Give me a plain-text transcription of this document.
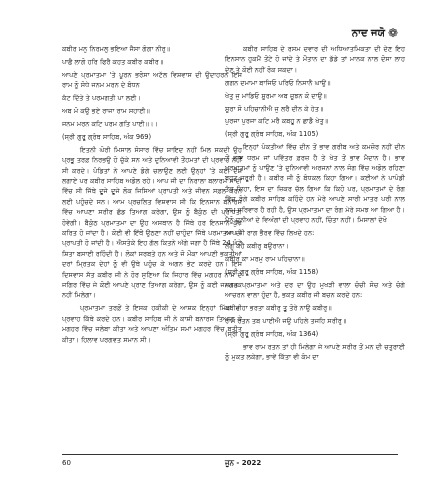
ਨਾਦ ਜਯੋ ❁

ਕਬੀਰ ਮਨੁ ਨਿਰਮਲੁ ਭਇਆ ਜੈਸਾ ਗੰਗਾ ਨੀਰੁ॥

ਪਾਛੈ ਲਾਗੋ ਹਰਿ ਫਿਰੈ ਕਹਤ ਕਬੀਰ ਕਬੀਰ॥

ਆਪਣੇ ਪ੍ਰਮਾਤਮਾ 'ਤੇ ਪੂਰਨ ਭਰੋਸਾ ਅਟੱਲ ਵਿਸ਼ਵਾਸ ਦੀ ਉਦਾਹਰਨ ਇਸ ਰਾਮ ਨੂੰ ਸੋਧੇ ਜਨਮ ਮਰਨ ਦੇ ਬੰਧਨ

ਕੱਟ ਦਿੱਤੇ ਤੇ ਪਰਮਗਤੀ ਪਾ ਲਈ।

ਅਬ ਮੋ ਕਉ ਭਏ ਰਾਜਾ ਰਾਮ ਸਹਾਈ॥

ਜਨਮ ਮਰਨ ਕਟਿ ਪਰਮ ਗਤਿ ਪਾਈ॥।।

(ਸ੍ਰੀ ਗੁਰੂ ਗ੍ਰੰਥ ਸਾਹਿਬ, ਅੰਕ 969)

ਇਤਨੀ ਘੋਰੀ ਮਿਸਾਲ ਸੰਸਾਰ ਵਿੱਚ ਸ਼ਾਇਦ ਨਹੀਂ ਮਿਲ ਸਕਦੀ ਉਹ ਪ੍ਰਭੂ ਤਰਫ਼ ਨਿਰਭਉ ਹੋ ਚੁੱਕੇ ਸਨ ਅਤੇ ਦੁਨਿਆਵੀ ਤੌਹਮਤਾਂ ਦੀ ਪ੍ਰਵਾਹ ਨਹੀਂ ਸੀ ਕਰਦੇ। ਪੰਡਿਤਾਂ ਨੇ ਆਪਣੇ ਡੰਗੇ ਚਲਾਉਣ ਲਈ ਉਨ੍ਹਾਂ 'ਤੇ ਕਈ ਦੋਸ਼ ਲਗਾਏ ਪਰ ਕਬੀਰ ਸਾਹਿਬ ਅਡੋਲ ਰਹੇ। ਆਪ ਜੀ ਦਾ ਨਿਰਾਲਾ ਬਲਾਰਮ ਸਾਦੀ ਵਿੱਚ ਸੀ ਜਿੱਥੇ ਦੂਜੇ ਦੂਜੇ ਲੋਕ ਜਿਸਿਆਂ ਪ੍ਰਾਪਤੀ ਅਤੇ ਜੀਵਨ ਸਫ਼ਲ ਕਰਨ ਲਈ ਪਹੁੰਚਦੇ ਸਨ। ਆਮ ਪ੍ਰਚਲਿਤ ਵਿਸ਼ਵਾਸ ਸੀ ਕਿ ਇਨਸਾਨ ਬਨਾਰਸ ਵਿੱਚ ਆਪਣਾ ਸਰੀਰ ਛੱਡ ਤਿਆਗ ਕਰੇਗਾ, ਉਸ ਨੂੰ ਬੈਕੁੰਠ ਦੀ ਪ੍ਰਾਪਤੀ ਹੋਵੇਗੀ। ਬੈਕੁੰਠ ਪ੍ਰਮਾਤਮਾ ਦਾ ਉਹ ਅਸਥਾਨ ਹੈ ਜਿੱਥੇ ਹਰ ਇਨਸਾਨ ਕੁੱਝ ਕਰਿਤ ਹੋ ਜਾਂਦਾ ਹੈ। ਕੋਈ ਵੀ ਇੱਥੋਂ ਉਠਣਾ ਨਹੀਂ ਚਾਹੁੰਦਾ ਜਿੱਥੇ ਪਰਮਾਤਮਾ ਦੀ ਪ੍ਰਾਪਤੀ ਹੋ ਜਾਂਦੀ ਹੈ। ਐਸਤੰਕੇ ਇਹ ਗੱਲ ਕਿਤਨੇ ਅੱਗੇ ਜਗਾ ਹੈ ਜਿੱਥੇ 24 ਘੰਟੇ ਸ਼ਿਤਾ ਬਸਾਈ ਰਹਿੰਦੀ ਹੈ। ਲੋਕਾਂ ਸਰਬਤੇ ਹਨ ਅਤੇ ਜੋ ਮੌਕਾ ਆਪਣੀ ਭਕਤੀਆਂ ਦਰਾਂ ਮ੍ਰਿਤਕ ਦੇਹਾਂ ਨੂੰ ਵੀ ਉਥੇ ਪਹੁੰਚ ਕੇ ਅਗਨ ਭੇਟ ਕਰਦੇ ਹਨ। ਇਸ ਦਿਸਵਾਸ ਸੱਤ ਕਬੀਰ ਜੀ ਨੇ ਹੋਰ ਸੁਣਿਆ ਕਿ ਜਿਹਾਰ ਵਿੱਚ ਮਗਹਰ ਨਾਮ ਦੇ ਜਗਿਰ ਵਿੱਚ ਜੇ ਕੋਈ ਆਪਣੇ ਪ੍ਰਾਣ ਤਿਆਗ ਕਰੇਗਾ, ਉਸ ਨੂੰ ਕਈ ਜਨਗਰਕ ਨਹੀਂ ਮਿਲੇਗਾ।

ਪ੍ਰਮਾਤਮਾ ਤਰਫ਼ੋਂ ਤੇ ਇਸਕ ਹਕੀਕੀ ਦੇ ਆਸ਼ਕ ਇਨ੍ਹਾਂ ਮਿੱਥਾਂ ਦੀ ਪ੍ਰਵਾਹ ਕਿੱਥੇ ਕਰਦੇ ਹਨ। ਕਬੀਰ ਸਾਹਿਬ ਜੀ ਨੇ ਕਾਸ਼ੀ ਬਨਾਰਸ ਤਿਆਗ ਕੇ ਮਗਹਰ ਵਿੱਚ ਜਲੇਬਾ ਕੀਤਾ ਅਤੇ ਆਪਣਾ ਅੰਤਿਮ ਸਮਾਂ ਮਗਹਰ ਵਿੱਚ ਬਤੀਤ ਕੀਤਾ। ਹਿਲਾਵ ਪਰਗਵਤ ਸਮਾਨ ਸੀ।

ਕਬੀਰ ਸਾਹਿਬ ਦੇ ਰਸਮ ਦਵਾਰ ਦੀ ਅਧਿਆਤਮਿਕਤਾ ਦੀ ਦੇਣ ਇਹ ਇਨਸਾਨ ਹੁਕਮੈਂ ਤੋਂਟੇ ਹੋ ਜਾਂਦੇ ਤੇ ਮੌਤਾਨ ਦਾ ਡੱਡੇ ਤਾਂ ਮਾਨਕ ਨਾਲ ਦੋਸਾ ਲਾਹ ਦੇਣ ਤੇ ਕੋਈ ਨਹੀਂ ਰੋਕ ਸਕਦਾ।

ਗਗਨ ਦਮਾਮਾ ਬਾਜਿਓ ਪਰਿਓ ਨਿਸਾਨੈ ਘਾਉ॥

ਖੇਤੁ ਜੁ ਮਾਂਡਿਓ ਸੂਰਮਾ ਅਬ ਜੂਝਨ ਕੋ ਦਾਉ॥

ਸੂਰਾ ਸੋ ਪਹਿਚਾਨੀਐ ਜੁ ਲਰੈ ਦੀਨ ਕੇ ਹੇਤ॥

ਪੁਰਜਾ ਪੁਰਜਾ ਕਟਿ ਮਰੈ ਕਬਹੂ ਨ ਛਾਡੈ ਖੇਤੁ॥

(ਸ੍ਰੀ ਗੁਰੂ ਗ੍ਰੰਥ ਸਾਹਿਬ, ਅੰਕ 1105)

ਇਨ੍ਹਾਂ ਪੰਕਤੀਆਂ ਵਿੱਚ ਦੀਨ ਤੋਂ ਭਾਵ ਗਰੀਬ ਅਤੇ ਕਮਜ਼ੋਰ ਨਹੀਂ ਦੀਨ ਤੋਂ ਭਾਵ ਧਰਮ ਜਾਂ ਪਵਿੱਤਰ ਫ਼ਰਜ਼ ਹੈ ਤੇ ਖੇਤ ਤੋਂ ਭਾਵ ਮੈਦਾਨ ਹੈ। ਭਾਵ ਪ੍ਰਮਾਤਮਾਂ ਨੂੰ ਪਾਉਣ 'ਤੇ ਦੁਨਿਆਵੀ ਅਰਜਨਾਂ ਨਾਲ ਜੰਗ ਵਿੱਚ ਅਡੋਲ ਰਹਿਣਾ ਬਹੁਤ ਜਰੂਰੀ ਹੈ। ਕਬੀਰ ਜੀ ਨੂੰ ਬੰਧਕਲ ਕਿਹਾ ਗਿਆ। ਕਈਆਂ ਨੇ ਪਾਪੰਡੀ ਤੱਕ ਕਿਹਾ, ਇਸ ਦਾ ਜ਼ਿਕਰ ਚੱਲ ਗਿਆ ਕਿ ਕਿਹੋ ਪਰ, ਪ੍ਰਮਾਤਮਾਂ ਦੇ ਰੰਗ ਵਿੱਚ ਰੰਗੇ ਕਬੀਰ ਸਾਹਿਬ ਕਹਿੰਦੇ ਹਨ ਮੇਰੇ ਆਪਣੇ ਸਾਰੀ ਮਾਤਰ ਪਰੀ ਨਾਲ ਨਾਮ ਪਰਿਵਾਰ ਹੈ ਰਹੀ ਹੈ, ਉਸ ਪ੍ਰਮਾਤਮਾ ਦਾ ਰੰਗ ਮੇਰੇ ਸਮਝ ਆ ਗਿਆ ਹੈ। ਮੈਨੂੰ ਦੁਨੀਆਂ ਦੇ ਵਿਅੰਗਾਂ ਦੀ ਪ੍ਰਵਾਹ ਨਹੀਂ, ਚਿੰਤਾ ਨਹੀਂ। ਮਿਸਾਲਾਂ ਦੇਖੋ

ਆਪ ਜੀ ਰਾਗ ਭੈਰਵ ਵਿੱਚ ਲਿਖਦੇ ਹਨ:

ਲੋਗੁ ਕਹੈ ਕਬੀਰੁ ਬਉਰਾਨਾ।

ਕਬੀਰ ਕਾ ਮਰਮੁ ਰਾਮ ਪਹਿਚਾਨਾ॥

(ਸ੍ਰੀ ਗੁਰੂ ਗ੍ਰੰਥ ਸਾਹਿਬ, ਅੰਕ 1158)

ਜਗਤ ਪ੍ਰਮਾਤਮਾ ਅਤੇ ਦਰ ਦਾ ਉਹ ਮੁਖੜੀ ਵਾਲਾ ਚੰਚੀ ਸੋਚ ਅਤੇ ਚੰਗੇ ਆਚਰਨ ਵਾਲਾ ਹੁੰਦਾ ਹੈ, ਭਕਤ ਕਬੀਰ ਜੀ ਬਚਨ ਕਰਦੇ ਹਨ:

ਕਬੀਰ ਹਾ ਭਰਤਾ ਕਬੀਰੁ ਤੂ ਤੋਰੇ ਨਾਉ ਕਬੀਰੁ॥

ਰਾਮ ਰਤਨ ਤਬ ਪਾਈਐ ਜਉ ਪਹਿਲੇ ਤਜਹਿ ਸਰੀਰੁ॥

(ਸ੍ਰੀ ਗੁਰੂ ਗ੍ਰੰਥ ਸਾਹਿਬ, ਅੰਕ 1364)

ਭਾਵ ਰਾਮ ਰਤਨ ਤਾਂ ਹੀ ਮਿਲੇਗਾ ਜੇ ਆਪਣੇ ਸਰੀਰ ਤੋਂ ਮਨ ਦੀ ਚਤੁਰਾਈ ਨੂੰ ਮੁਕਤ ਲਕੇਗਾ, ਭਾਵੇਂ ਕਿੱਤਾ ਵੀ ਕੰਮ ਦਾ

60	ਜੂਨ - 2022
